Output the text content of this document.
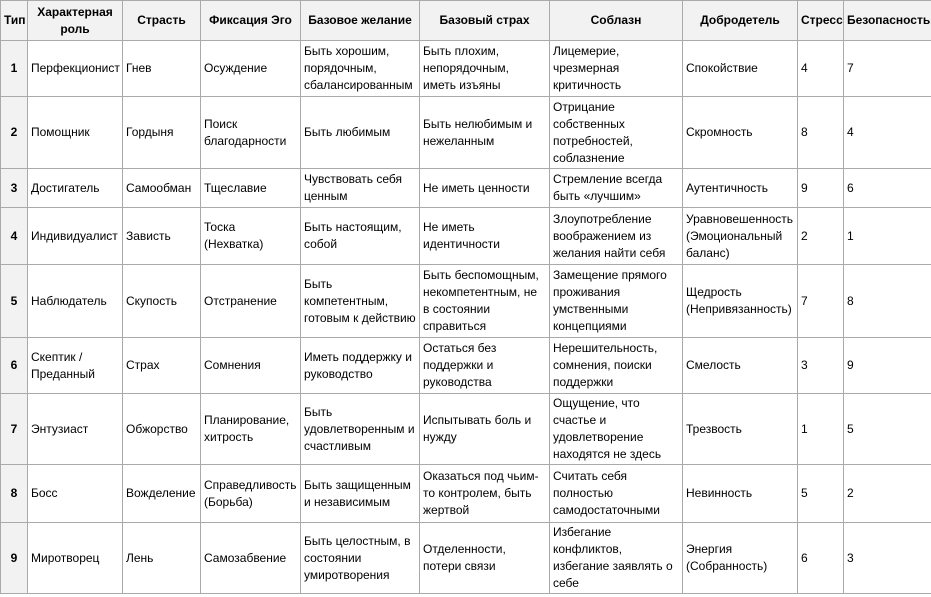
Тип	Характерная
роль	Страсть	Фиксация Эго	Базовое желание	Базовый страх	Соблазн	Добродетель	Стресс	Безопасность
1	Перфекционист	Гнев	Осуждение	Быть хорошим,
порядочным,
сбалансированным	Быть плохим,
непорядочным,
иметь изъяны	Лицемерие,
чрезмерная
критичность	Спокойствие	4	7
2	Помощник	Гордыня	Поиск
благодарности	Быть любимым	Быть нелюбимым и
нежеланным	Отрицание
собственных
потребностей,
соблазнение	Скромность	8	4
3	Достигатель	Самообман	Тщеславие	Чувствовать себя
ценным	Не иметь ценности	Стремление всегда
быть «лучшим»	Аутентичность	9	6
4	Индивидуалист	Зависть	Тоска
(Нехватка)	Быть настоящим,
собой	Не иметь
идентичности	Злоупотребление
воображением из
желания найти себя	Уравновешенность
(Эмоциональный
баланс)	2	1
5	Наблюдатель	Скупость	Отстранение	Быть
компетентным,
готовым к действию	Быть беспомощным,
некомпетентным, не
в состоянии
справиться	Замещение прямого
проживания
умственными
концепциями	Щедрость
(Непривязанность)	7	8
6	Скептик /
Преданный	Страх	Сомнения	Иметь поддержку и
руководство	Остаться без
поддержки и
руководства	Нерешительность,
сомнения, поиски
поддержки	Смелость	3	9
7	Энтузиаст	Обжорство	Планирование,
хитрость	Быть
удовлетворенным и
счастливым	Испытывать боль и
нужду	Ощущение, что
счастье и
удовлетворение
находятся не здесь	Трезвость	1	5
8	Босс	Вожделение	Справедливость
(Борьба)	Быть защищенным
и независимым	Оказаться под чьим-
то контролем, быть
жертвой	Считать себя
полностью
самодостаточными	Невинность	5	2
9	Миротворец	Лень	Самозабвение	Быть целостным, в
состоянии
умиротворения	Отделенности,
потери связи	Избегание
конфликтов,
избегание заявлять о
себе	Энергия
(Собранность)	6	3
